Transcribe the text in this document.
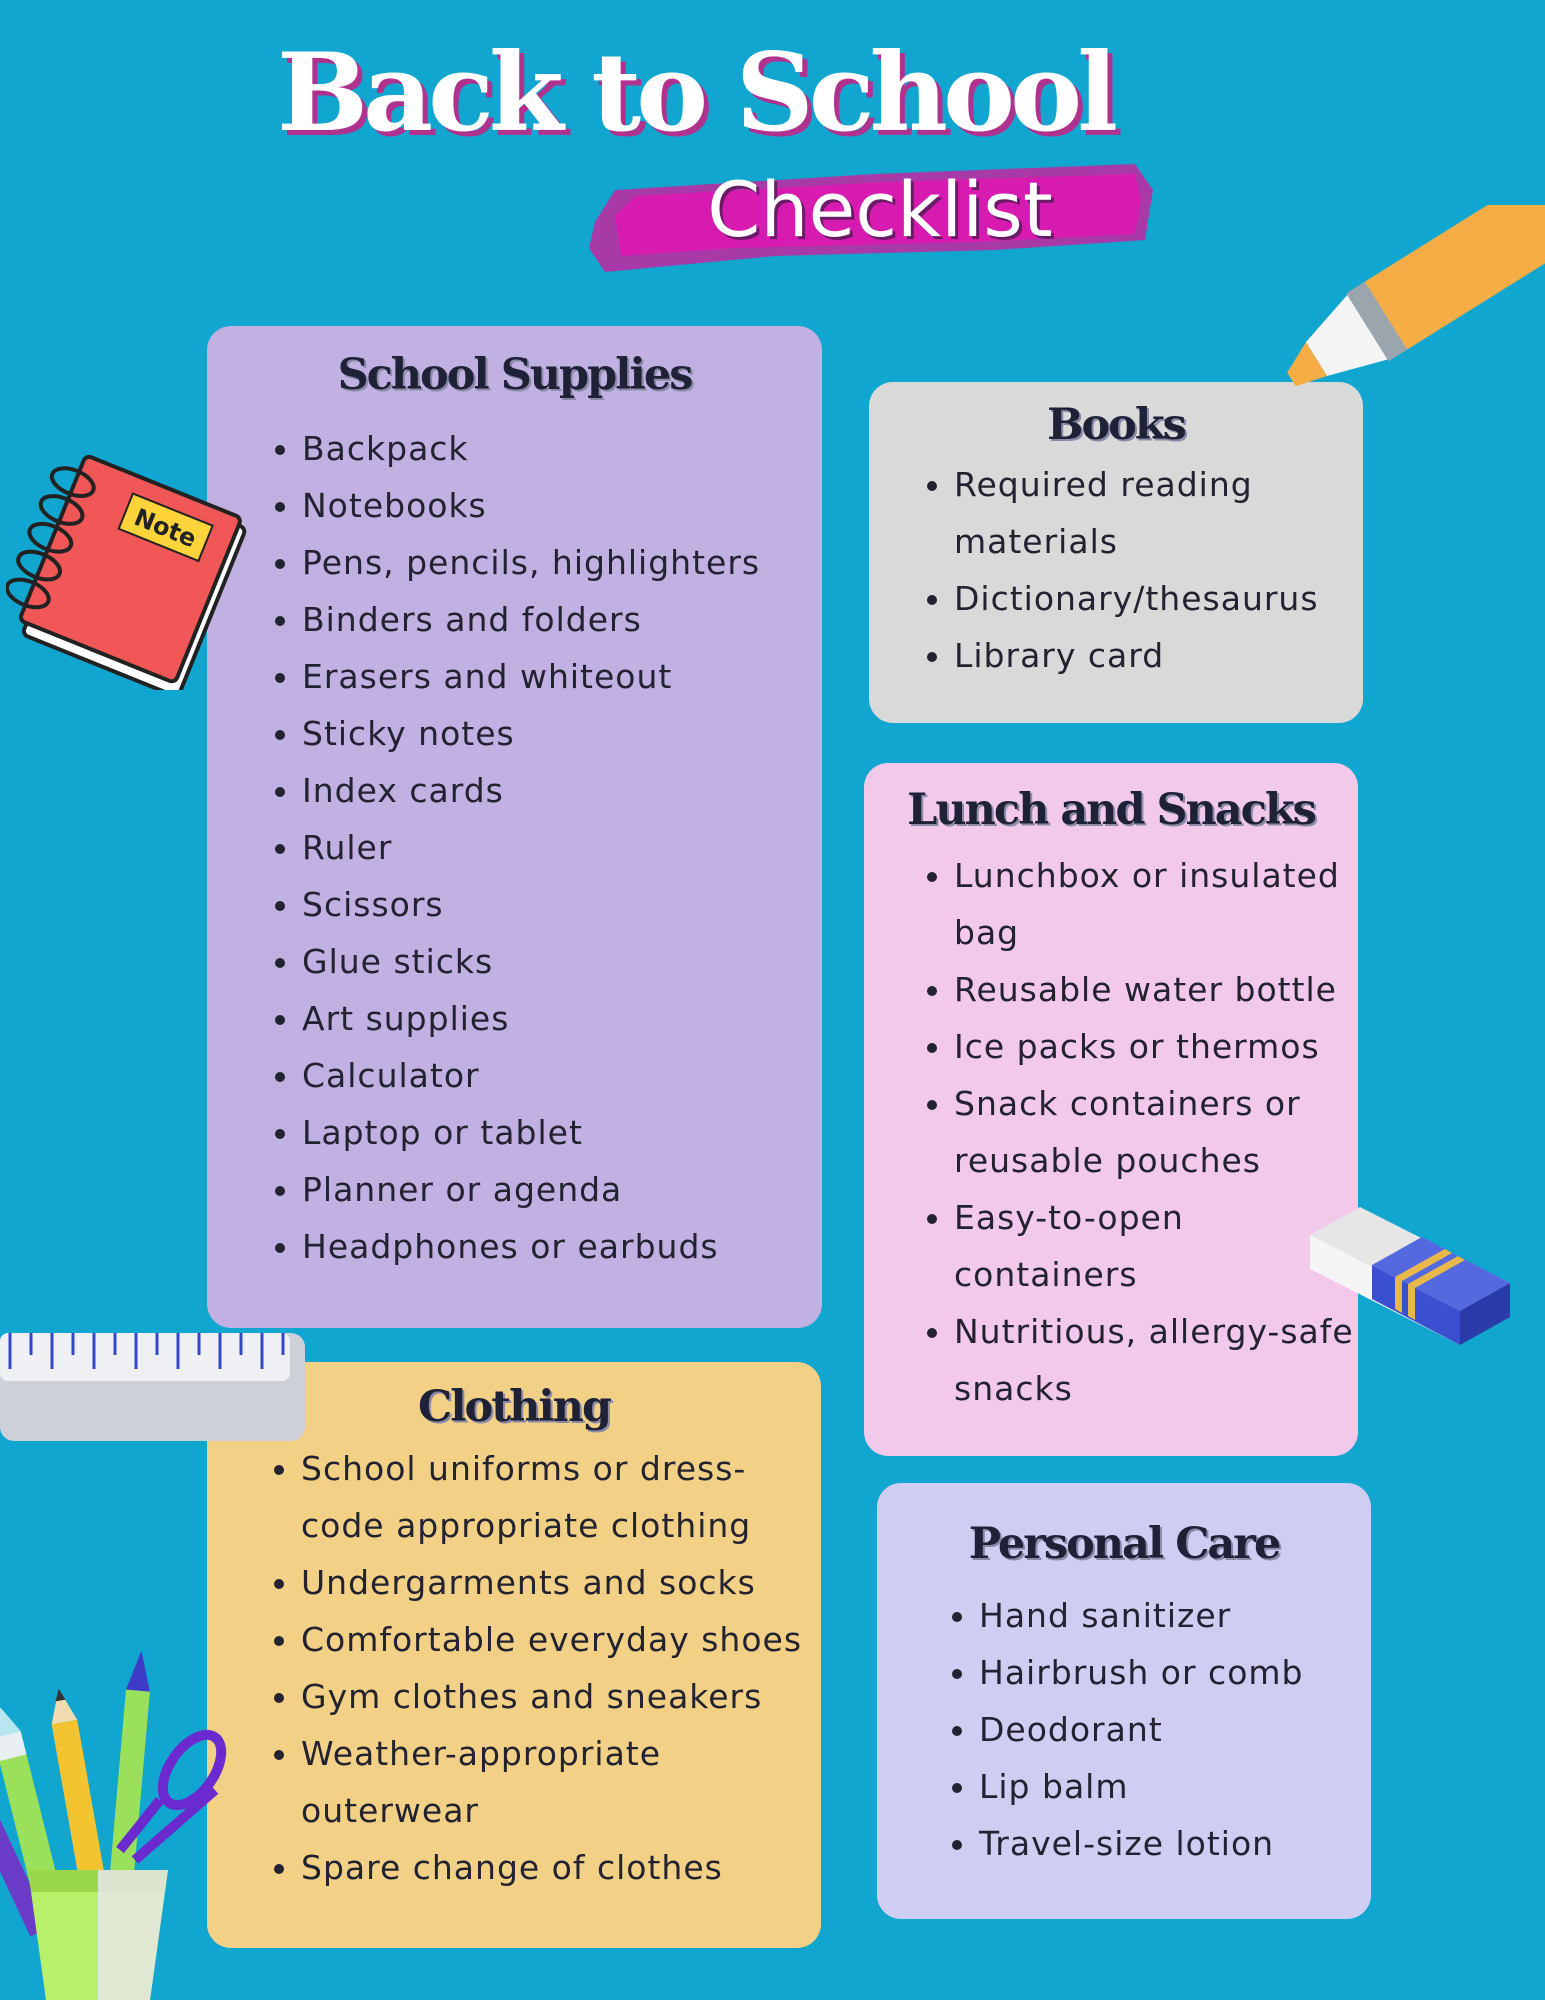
Back to School
Checklist
School Supplies
• Backpack
• Notebooks
• Pens, pencils, highlighters
• Binders and folders
• Erasers and whiteout
• Sticky notes
• Index cards
• Ruler
• Scissors
• Glue sticks
• Art supplies
• Calculator
• Laptop or tablet
• Planner or agenda
• Headphones or earbuds
Books
• Required reading materials
• Dictionary/thesaurus
• Library card
Lunch and Snacks
• Lunchbox or insulated bag
• Reusable water bottle
• Ice packs or thermos
• Snack containers or reusable pouches
• Easy-to-open containers
• Nutritious, allergy-safe snacks
Clothing
• School uniforms or dress-code appropriate clothing
• Undergarments and socks
• Comfortable everyday shoes
• Gym clothes and sneakers
• Weather-appropriate outerwear
• Spare change of clothes
Personal Care
• Hand sanitizer
• Hairbrush or comb
• Deodorant
• Lip balm
• Travel-size lotion
Note
